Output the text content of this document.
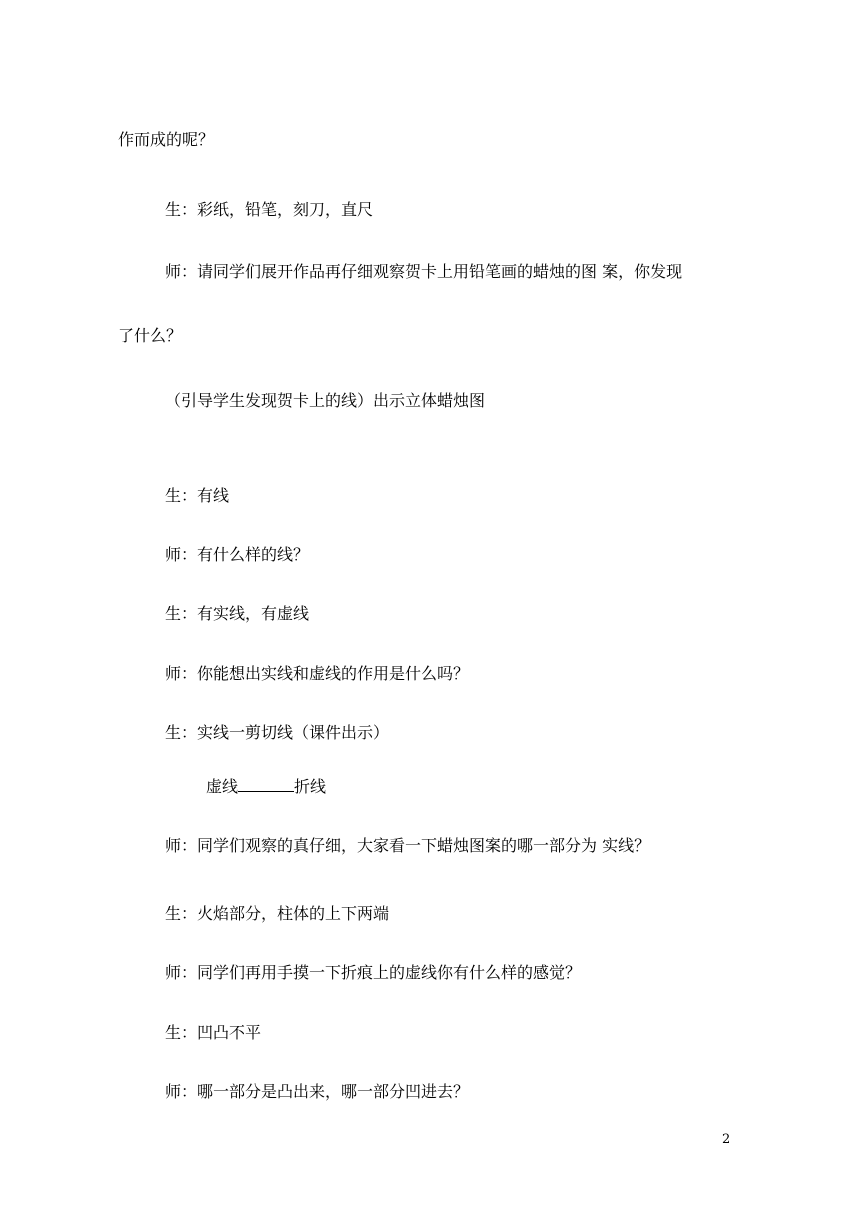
作而成的呢？
生：彩纸，铅笔，刻刀，直尺
师：请同学们展开作品再仔细观察贺卡上用铅笔画的蜡烛的图 案，你发现
了什么？
（引导学生发现贺卡上的线）出示立体蜡烛图
生：有线
师：有什么样的线？
生：有实线，有虚线
师：你能想出实线和虚线的作用是什么吗？
生：实线一剪切线（课件出示）
虚线	折线
师：同学们观察的真仔细，大家看一下蜡烛图案的哪一部分为 实线？
生：火焰部分，柱体的上下两端
师：同学们再用手摸一下折痕上的虚线你有什么样的感觉？
生：凹凸不平
师：哪一部分是凸出来，哪一部分凹进去？
2
